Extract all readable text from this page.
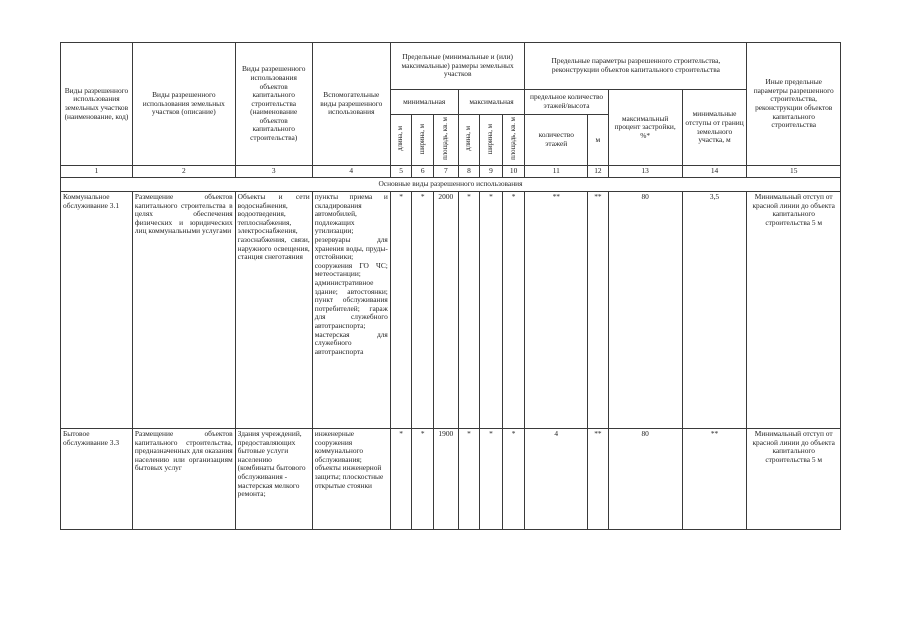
Виды разрешенного использования земельных участков (наименование, код)	Виды разрешенного использования земельных участков (описание)	Виды разрешенного использования объектов капитального строительства (наименование объектов капитального строительства)	Вспомогательные виды разрешенного использования	Предельные (минимальные и (или) максимальные) размеры земельных участков						Предельные параметры разрешенного строительства, реконструкции объектов капитального строительства				Иные предельные параметры разрешенного строительства, реконструкции объектов капитального строительства
				минимальная			максимальная			предельное количество этажей/высота		максимальный процент застройки, %*	минимальные отступы от границ земельного участка, м	
				длина, м	ширина, м	площадь, кв. м	длина, м	ширина, м	площадь, кв. м	количество этажей	м			
1	2	3	4	5	6	7	8	9	10	11	12	13	14	15
Основные виды разрешенного использования														
Коммунальное обслуживание 3.1	Размещение объектов капитального строительства в целях обеспечения физических и юридических лиц коммунальными услугами	Объекты и сети водоснабжения, водоотведения, теплоснабжения, электроснабжения, газоснабжения, связи, наружного освещения, станция снеготаяния	пункты приема и складирования автомобилей, подлежащих утилизации; резервуары для хранения воды, пруды-отстойники; сооружения ГО ЧС; метеостанции; административное здание; автостоянки; пункт обслуживания потребителей; гараж для служебного автотранспорта; мастерская для служебного автотранспорта	*	*	2000	*	*	*	**	**	80	3,5	Минимальный отступ от красной линии до объекта капитального строительства 5 м
Бытовое обслуживание 3.3	Размещение объектов капитального строительства, предназначенных для оказания населению или организациям бытовых услуг	Здания учреждений, предоставляющих бытовые услуги населению (комбинаты бытового обслуживания - мастерская мелкого ремонта;	инженерные сооружения коммунального обслуживания; объекты инженерной защиты; плоскостные открытые стоянки	*	*	1900	*	*	*	4	**	80	**	Минимальный отступ от красной линии до объекта капитального строительства 5 м
